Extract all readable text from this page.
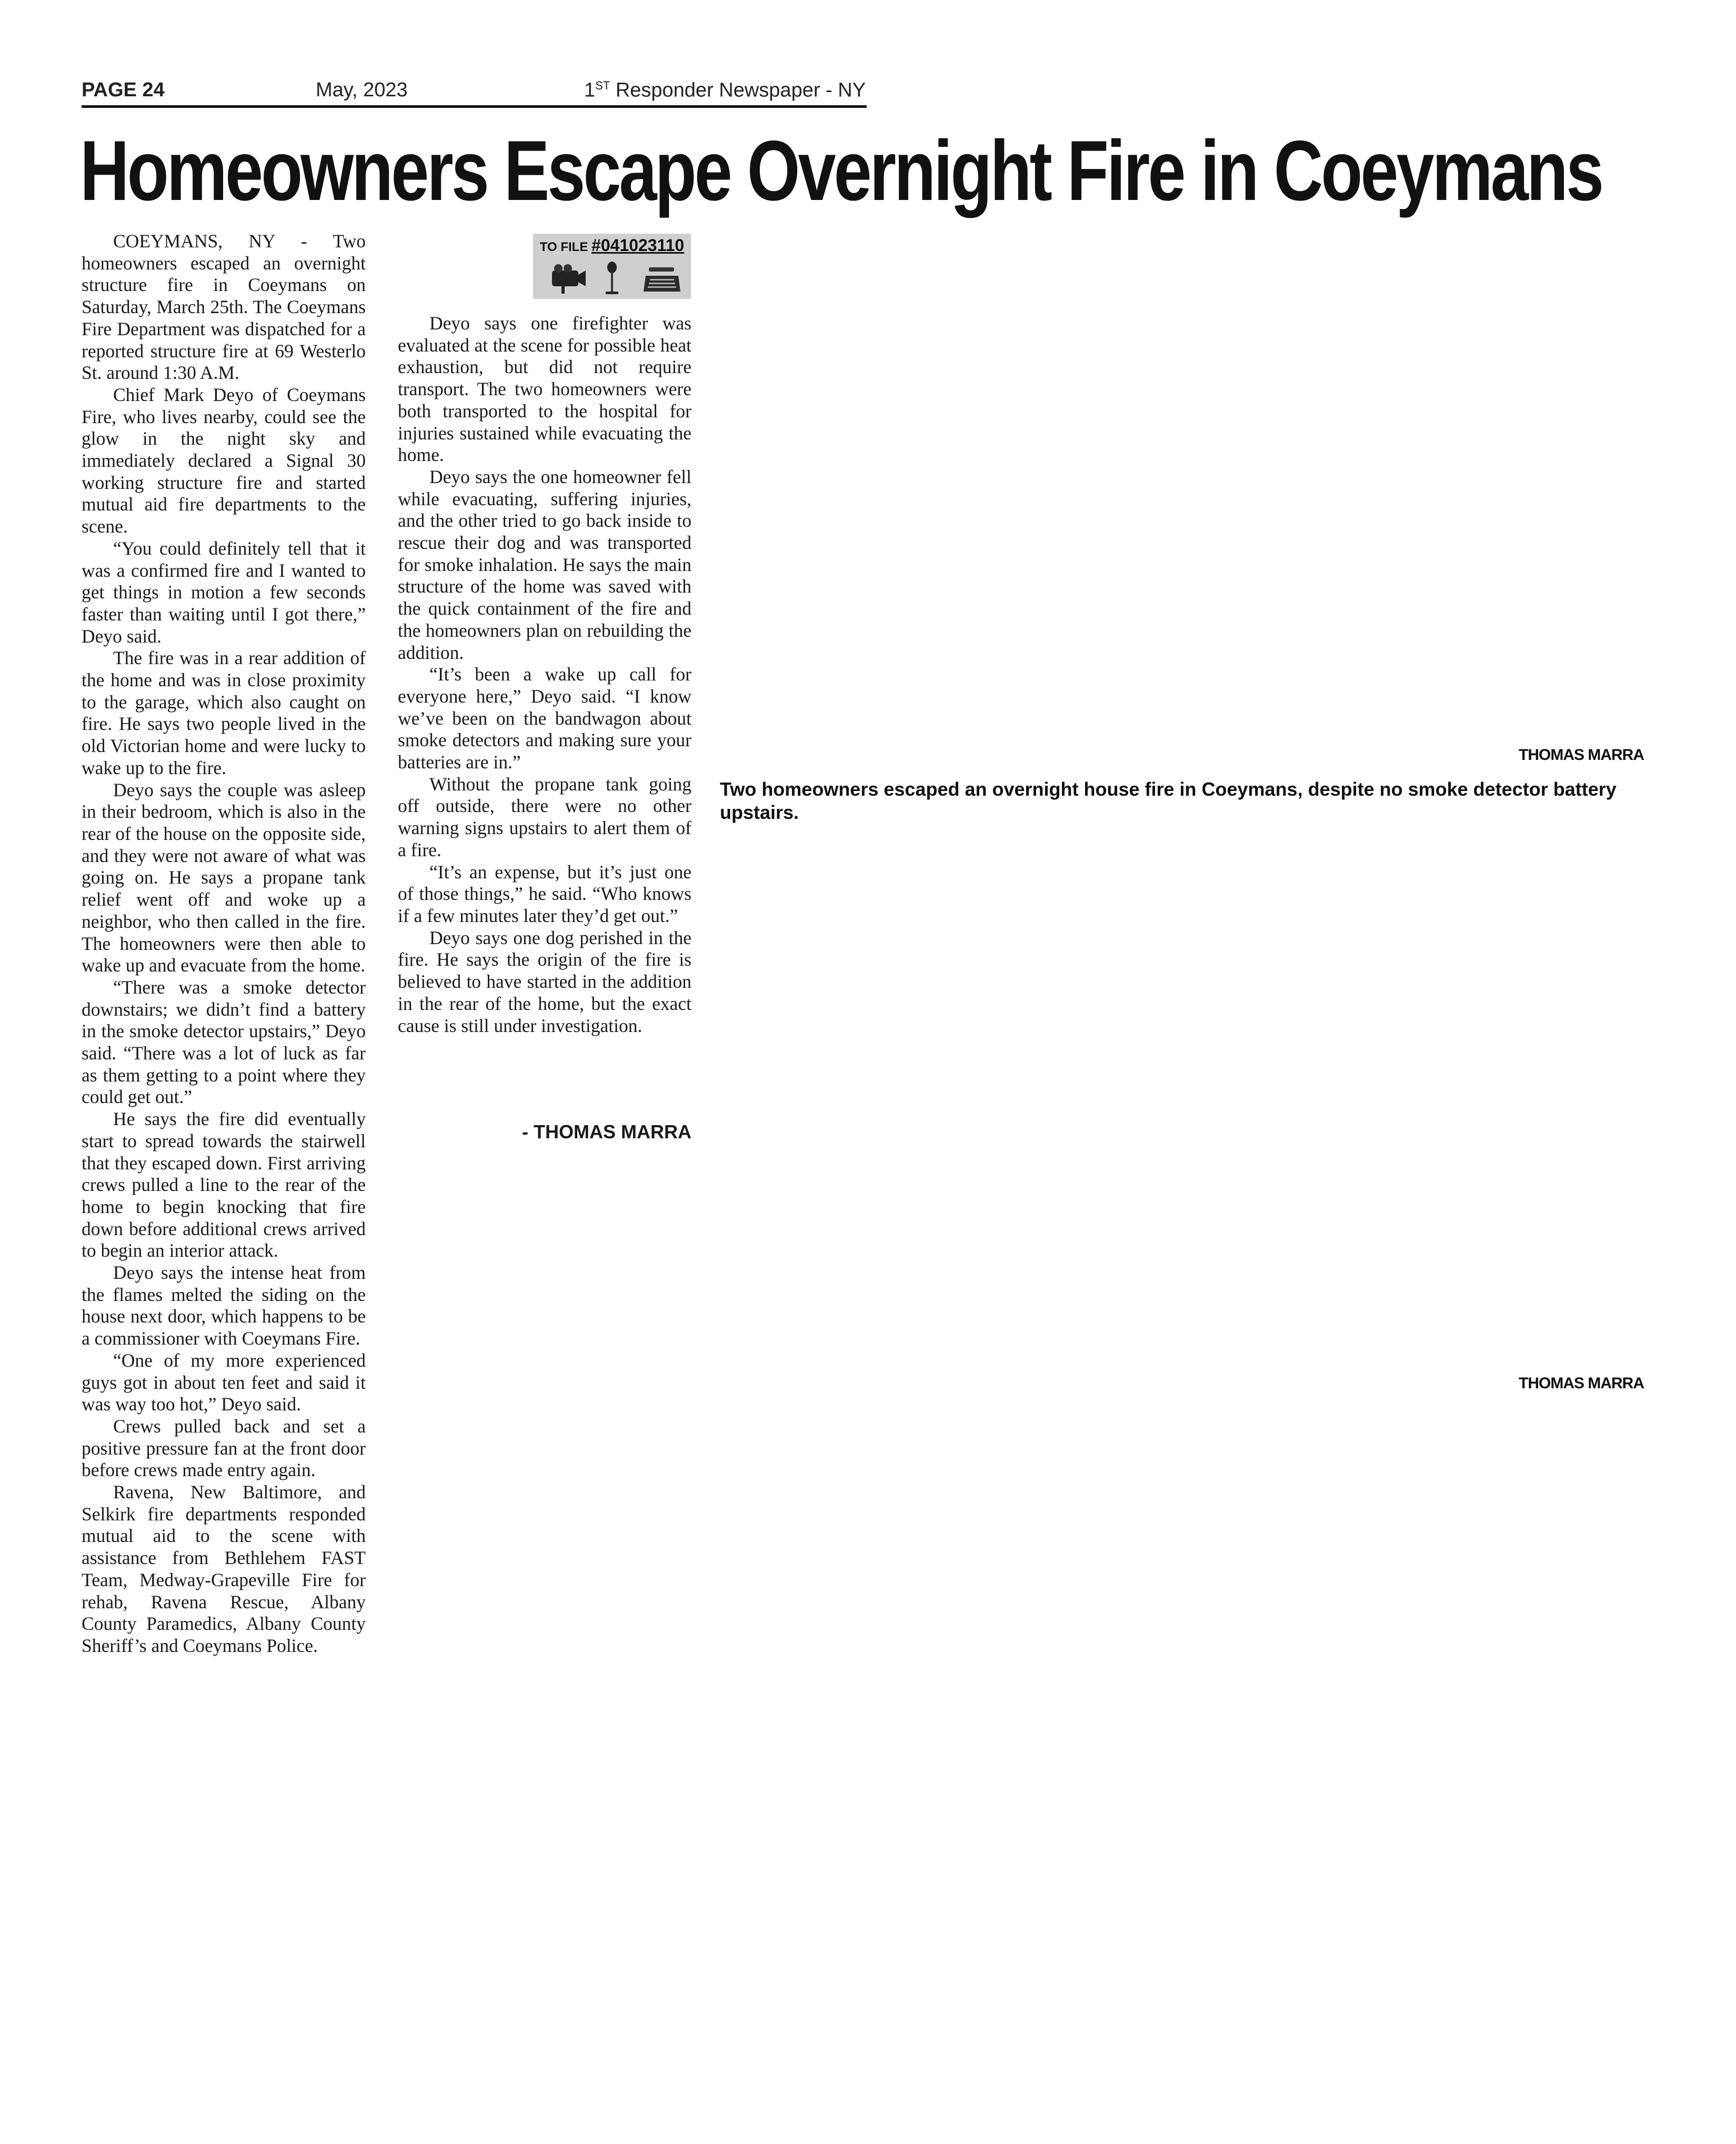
PAGE 24	May, 2023	1ST Responder Newspaper - NY
Homeowners Escape Overnight Fire in Coeymans

COEYMANS, NY - Two homeowners escaped an overnight structure fire in Coeymans on Saturday, March 25th. The Coeymans Fire Department was dispatched for a reported structure fire at 69 Westerlo St. around 1:30 A.M.

Chief Mark Deyo of Coeymans Fire, who lives nearby, could see the glow in the night sky and immediately declared a Signal 30 working structure fire and started mutual aid fire departments to the scene.

“You could definitely tell that it was a confirmed fire and I wanted to get things in motion a few seconds faster than waiting until I got there,” Deyo said.

The fire was in a rear addition of the home and was in close proximity to the garage, which also caught on fire. He says two people lived in the old Victorian home and were lucky to wake up to the fire.

Deyo says the couple was asleep in their bedroom, which is also in the rear of the house on the opposite side, and they were not aware of what was going on. He says a propane tank relief went off and woke up a neighbor, who then called in the fire. The homeowners were then able to wake up and evacuate from the home.

“There was a smoke detector downstairs; we didn’t find a battery in the smoke detector upstairs,” Deyo said. “There was a lot of luck as far as them getting to a point where they could get out.”

He says the fire did eventually start to spread towards the stairwell that they escaped down. First arriving crews pulled a line to the rear of the home to begin knocking that fire down before additional crews arrived to begin an interior attack.

Deyo says the intense heat from the flames melted the siding on the house next door, which happens to be a commissioner with Coeymans Fire.

“One of my more experienced guys got in about ten feet and said it was way too hot,” Deyo said.

Crews pulled back and set a positive pressure fan at the front door before crews made entry again.

Ravena, New Baltimore, and Selkirk fire departments responded mutual aid to the scene with assistance from Bethlehem FAST Team, Medway-Grapeville Fire for rehab, Ravena Rescue, Albany County Paramedics, Albany County Sheriff’s and Coeymans Police.

TO FILE #041023110

Deyo says one firefighter was evaluated at the scene for possible heat exhaustion, but did not require transport. The two homeowners were both transported to the hospital for injuries sustained while evacuating the home.

Deyo says the one homeowner fell while evacuating, suffering injuries, and the other tried to go back inside to rescue their dog and was transported for smoke inhalation. He says the main structure of the home was saved with the quick containment of the fire and the homeowners plan on rebuilding the addition.

“It’s been a wake up call for everyone here,” Deyo said. “I know we’ve been on the bandwagon about smoke detectors and making sure your batteries are in.”

Without the propane tank going off outside, there were no other warning signs upstairs to alert them of a fire.

“It’s an expense, but it’s just one of those things,” he said. “Who knows if a few minutes later they’d get out.”

Deyo says one dog perished in the fire. He says the origin of the fire is believed to have started in the addition in the rear of the home, but the exact cause is still under investigation.

- THOMAS MARRA
THOMAS MARRA
Two homeowners escaped an overnight house fire in Coeymans, despite no smoke detector battery upstairs.
THOMAS MARRA
